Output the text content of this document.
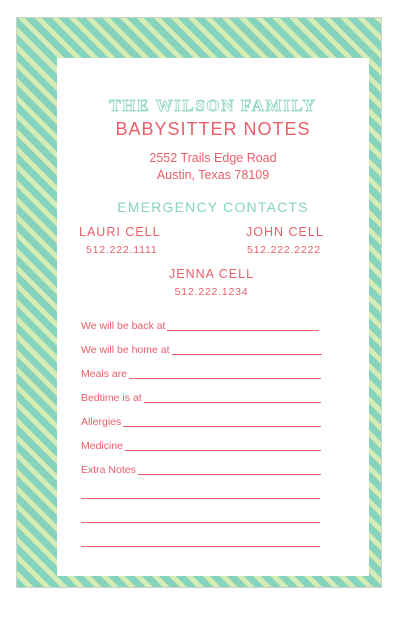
THE WILSON FAMILY
BABYSITTER NOTES
2552 Trails Edge Road
Austin, Texas 78109
EMERGENCY CONTACTS
LAURI CELL
512.222.1111
JOHN CELL
512.222.2222
JENNA CELL
512.222.1234
We will be back at
We will be home at
Meals are
Bedtime is at
Allergies
Medicine
Extra Notes
